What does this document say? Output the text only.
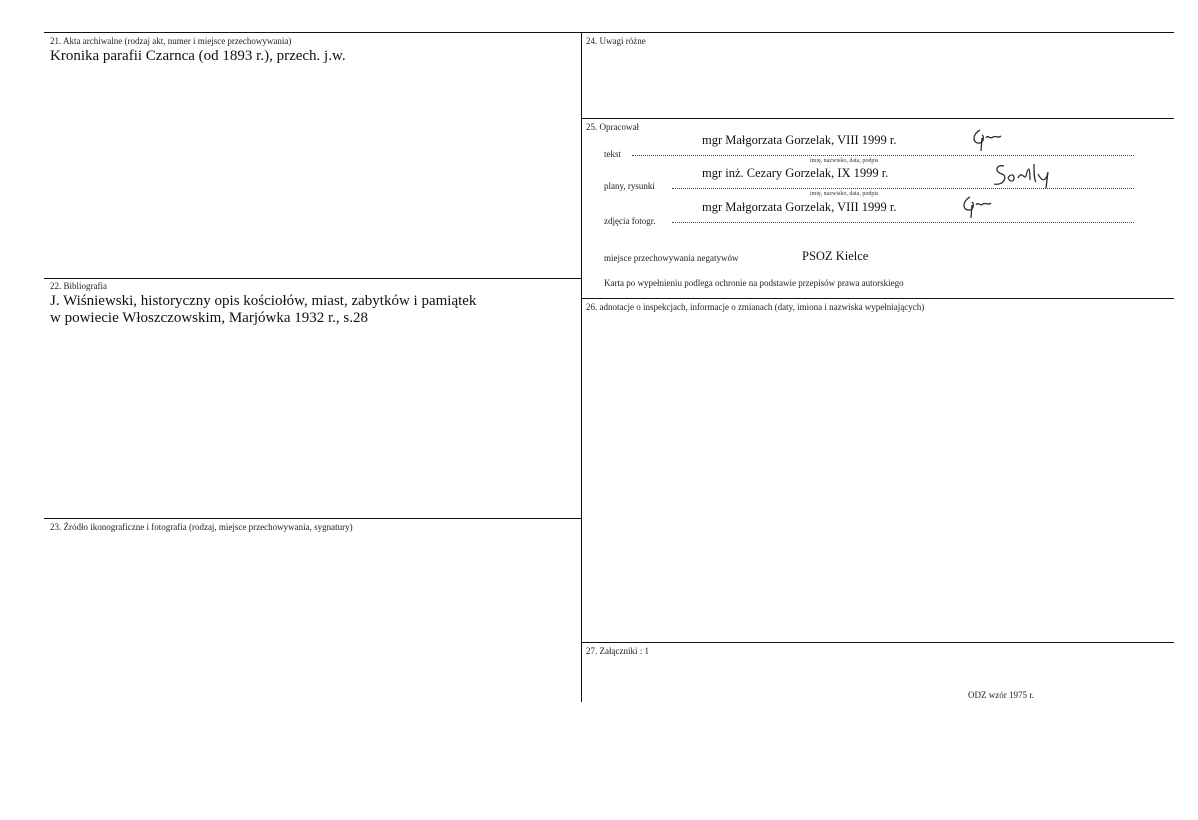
21. Akta archiwalne (rodzaj akt, numer i miejsce przechowywania)
Kronika parafii Czarnca (od 1893 r.), przech. j.w.
22. Bibliografia
J. Wiśniewski, historyczny opis kościołów, miast, zabytków i pamiątek
w powiecie Włoszczowskim, Marjówka 1932 r., s.28
23. Źródło ikonograficzne i fotografia (rodzaj, miejsce przechowywania, sygnatury)
24. Uwagi różne
25. Opracował
mgr Małgorzata Gorzelak, VIII 1999 r.
tekst
imię, nazwisko, data, podpis
mgr inż. Cezary Gorzelak, IX 1999 r.
plany, rysunki
imię, nazwisko, data, podpis
mgr Małgorzata Gorzelak, VIII 1999 r.
zdjęcia fotogr.
miejsce przechowywania negatywów	PSOZ Kielce
Karta po wypełnieniu podlega ochronie na podstawie przepisów prawa autorskiego
26. adnotacje o inspekcjach, informacje o zmianach (daty, imiona i nazwiska wypełniających)
27. Załączniki : 1
ODZ wzór 1975 r.
